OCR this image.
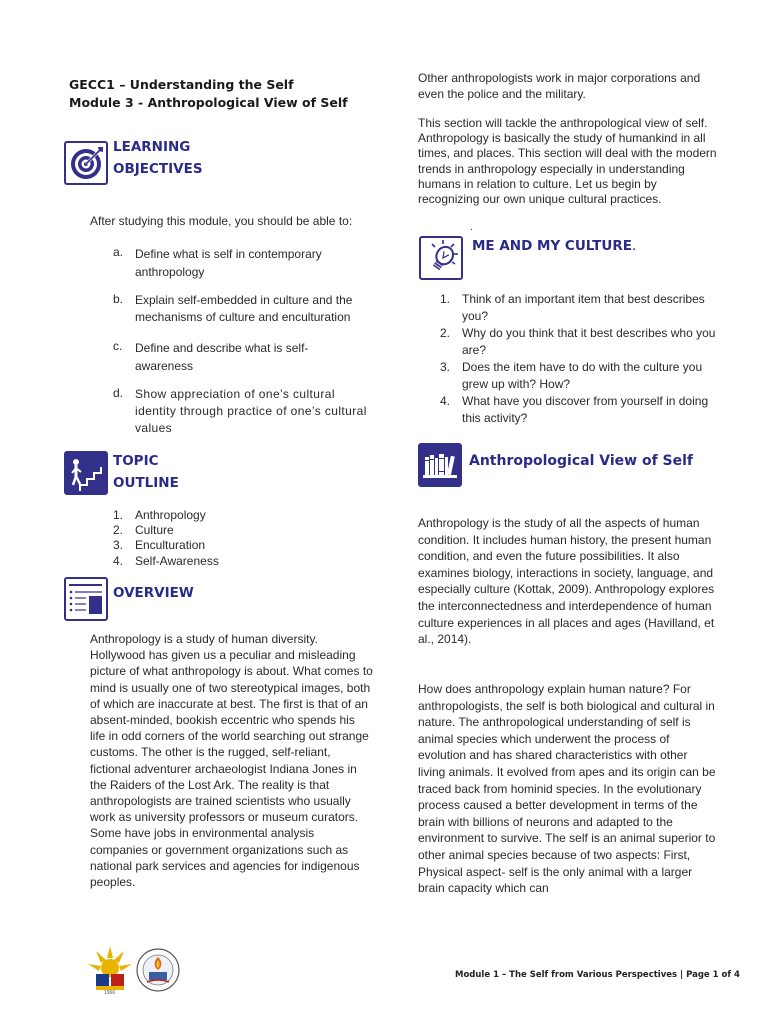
GECC1 – Understanding the Self
Module 3 - Anthropological View of Self
LEARNING
OBJECTIVES
After studying this module, you should be able to:
a. Define what is self in contemporary anthropology
b. Explain self-embedded in culture and the mechanisms of culture and enculturation
c. Define and describe what is self-awareness
d. Show appreciation of one’s cultural identity through practice of one’s cultural values
TOPIC
OUTLINE
1. Anthropology
2. Culture
3. Enculturation
4. Self-Awareness
OVERVIEW
Anthropology is a study of human diversity. Hollywood has given us a peculiar and misleading picture of what anthropology is about. What comes to mind is usually one of two stereotypical images, both of which are inaccurate at best. The first is that of an absent-minded, bookish eccentric who spends his life in odd corners of the world searching out strange customs. The other is the rugged, self-reliant, fictional adventurer archaeologist Indiana Jones in the Raiders of the Lost Ark. The reality is that anthropologists are trained scientists who usually work as university professors or museum curators. Some have jobs in environmental analysis companies or government organizations such as national park services and agencies for indigenous peoples.
Other anthropologists work in major corporations and even the police and the military.
This section will tackle the anthropological view of self. Anthropology is basically the study of humankind in all times, and places. This section will deal with the modern trends in anthropology especially in understanding humans in relation to culture. Let us begin by recognizing our own unique cultural practices.
.
ME AND MY CULTURE.
1. Think of an important item that best describes you?
2. Why do you think that it best describes who you are?
3. Does the item have to do with the culture you grew up with? How?
4. What have you discover from yourself in doing this activity?
Anthropological View of Self
Anthropology is the study of all the aspects of human condition. It includes human history, the present human condition, and even the future possibilities. It also examines biology, interactions in society, language, and especially culture (Kottak, 2009). Anthropology explores the interconnectedness and interdependence of human culture experiences in all places and ages (Havilland, et al., 2014).
How does anthropology explain human nature? For anthropologists, the self is both biological and cultural in nature. The anthropological understanding of self is animal species which underwent the process of evolution and has shared characteristics with other living animals. It evolved from apes and its origin can be traced back from hominid species. In the evolutionary process caused a better development in terms of the brain with billions of neurons and adapted to the environment to survive. The self is an animal superior to other animal species because of two aspects: First, Physical aspect- self is the only animal with a larger brain capacity which can
1966
Module 1 – The Self from Various Perspectives | Page 1 of 4
